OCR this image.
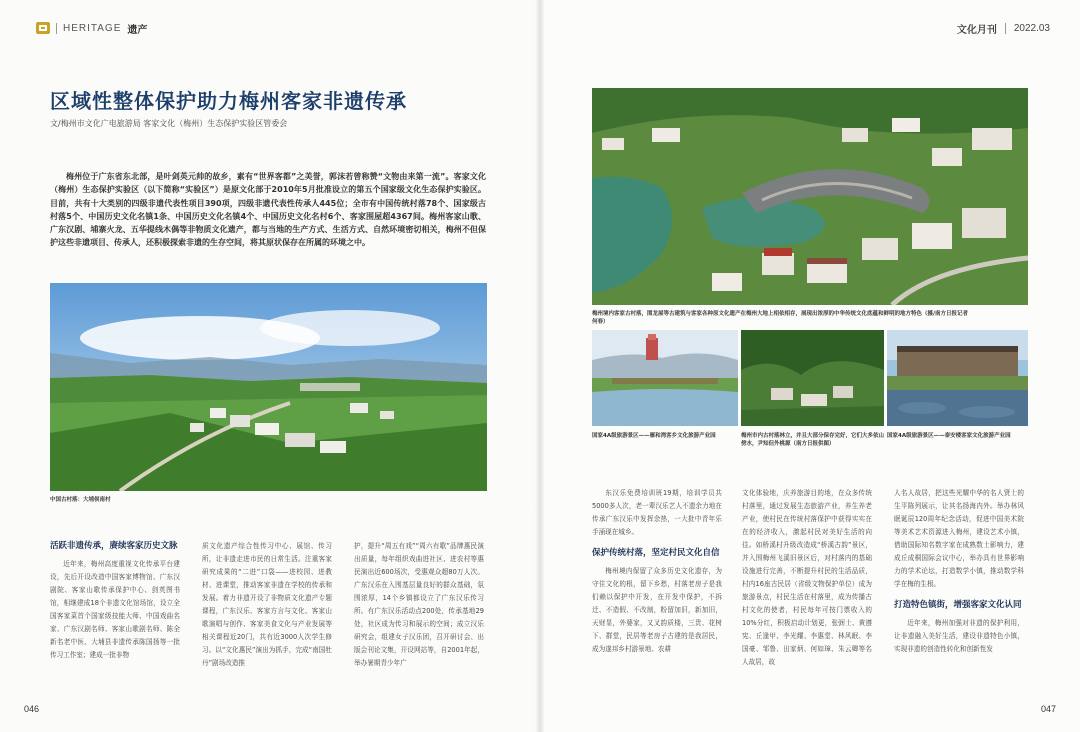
HERITAGE 遗产
区域性整体保护助力梅州客家非遗传承
文/梅州市文化广电旅游局 客家文化（梅州）生态保护实验区管委会

梅州位于广东省东北部，是叶剑英元帅的故乡，素有“世界客都”之美誉，郭沫若曾称赞“文物由来第一流”。客家文化（梅州）生态保护实验区（以下简称“实验区”）是原文化部于2010年5月批准设立的第五个国家级文化生态保护实验区。目前，共有十大类别的四级非遗代表性项目390项，四级非遗代表性传承人445位；全市有中国传统村落78个、国家级古村落5个、中国历史文化名镇1条、中国历史文化名镇4个、中国历史文化名村6个、客家围屋超4367间。梅州客家山歌、广东汉剧、埔寨火龙、五华提线木偶等非物质文化遗产，都与当地的生产方式、生活方式、自然环境密切相关，梅州不但保护这些非遗项目、传承人，还积极探索非遗的生存空间，将其原状保存在所属的环境之中。

中国古村落：大埔侯南村
活跃非遗传承，赓续客家历史文脉

近年来，梅州高度重视文化传承平台建设，先后开设改造中国客家博物馆、广东汉剧院、客家山歌传承保护中心、剑英图书馆，相继建成18个非遗文化馆场馆，设立全国客家菜首个国家级技能大师、中国戏曲名家、广东汉剧名师、客家山歌剧名师、陈全新名老中医、大埔县非遗传承陈国扬等一批传习工作室；建成一批非物

质文化遗产综合性传习中心、展馆、传习所，让非遗走进市民的日常生活。注重客家研究成果的“二进”口袋——进校园、进教材、进课堂，推动客家非遗在学校的传承和发展。着力非遗开设了非物质文化遗产专题课程，广东汉乐、客家方言与文化、客家山歌演唱与创作、客家美食文化与产业发展等相关课程近20门，共有近3000人次学生修习。以“文化惠民”演出为抓手，完成“南国牡丹”剧场改造推

护，提升“周五有戏”“周六有歌”品牌惠民演出质量，每年组织戏曲进社区、进农村等惠民演出近600场次，受惠观众超80万人次。广东汉乐在入围基层量良好的群众基础，氛围浓厚，14个乡镇都设立了广东汉乐传习所。有广东汉乐活动点200处，传承基地29处，社区成为传习和展示的空间；成立汉乐研究会，组建女子汉乐团，召开研讨会、出版会刊论文集，开设网站等，自2001年起，举办暑期青少年广

046
文化月刊 2022.03
梅州境内客家古村落，围龙屋等古建筑与客家各种原文化遗产在梅州大地上相依相存，展现出浓厚的中华传统文化底蕴和鲜明的地方特色（摄/南方日报记者 何春）
国家4A级旅游景区——雁和湾客乡文化旅游产业园	梅州市内古村落林立，并且大部分保存完好，它们大多依山傍水，尹知但外桃源（南方日报供图）
国家4A级旅游景区——泰安楼客家文化旅游产业园

东汉乐免费培训班19期，培训学员共5000多人次，老一辈汉乐艺人不遗余力地在传承广东汉乐中发挥余热，一大批中青年乐手涌现在城乡。

保护传统村落，坚定村民文化自信

梅州境内保留了众多历史文化遗存，为守住文化的根，留下乡愁，村落老房子是我们赖以保护中开发，在开发中保护，不拆迁、不造假、不改制，粉留加旧，新加旧，天财显，外婆家，又叉韵质楼，三贵、花树下、群堂，民居等老房子古建的是我居民，成为遂邦乡村游景地、农耕

文化体验地，庆养旅游目的地，在众多传统村落里，通过发展生态旅游产业，养生养老产业，使村民在传统村落保护中获得实实在在的经济收入，激起村民对美好生活的向往。如桥溪村升级改造成“桥溪古韵”景区，并入围梅州飞溪旧景区后，对村落内的基础设施进行完善，不断提升村民的生活品质，村内16座古民居（省级文物保护单位）成为旅游景点，村民生活在村落里，成为传播古村文化的使者，村民每年可按门票收入的10%分红，积极启动计划更，张弼士、黄遵宪、丘逢甲、李光耀、李惠堂、林风眠、李国豪、邹鲁、田家炳、何如璋、朱云卿等名人故居，故

人名人故居，把这些光耀中华的名人贤士的生平陈列展示，让其名扬海内外。举办林风眠诞辰120周年纪念活动，促进中国美术院等美术艺术资源进入梅州，建设艺术小镇，借助国际知名数字家在成熟数士影响力，建成丘成桐国际会议中心，举办具有世界影响力的学术论坛，打造数学小镇，推动数学科学在梅的生根。

打造特色镇街，增强客家文化认同

近年来，梅州加强对非遗的保护利用，让非遗融入美好生活，建设非遗特色小镇，实现非遗的创造性转化和创新性发

047
